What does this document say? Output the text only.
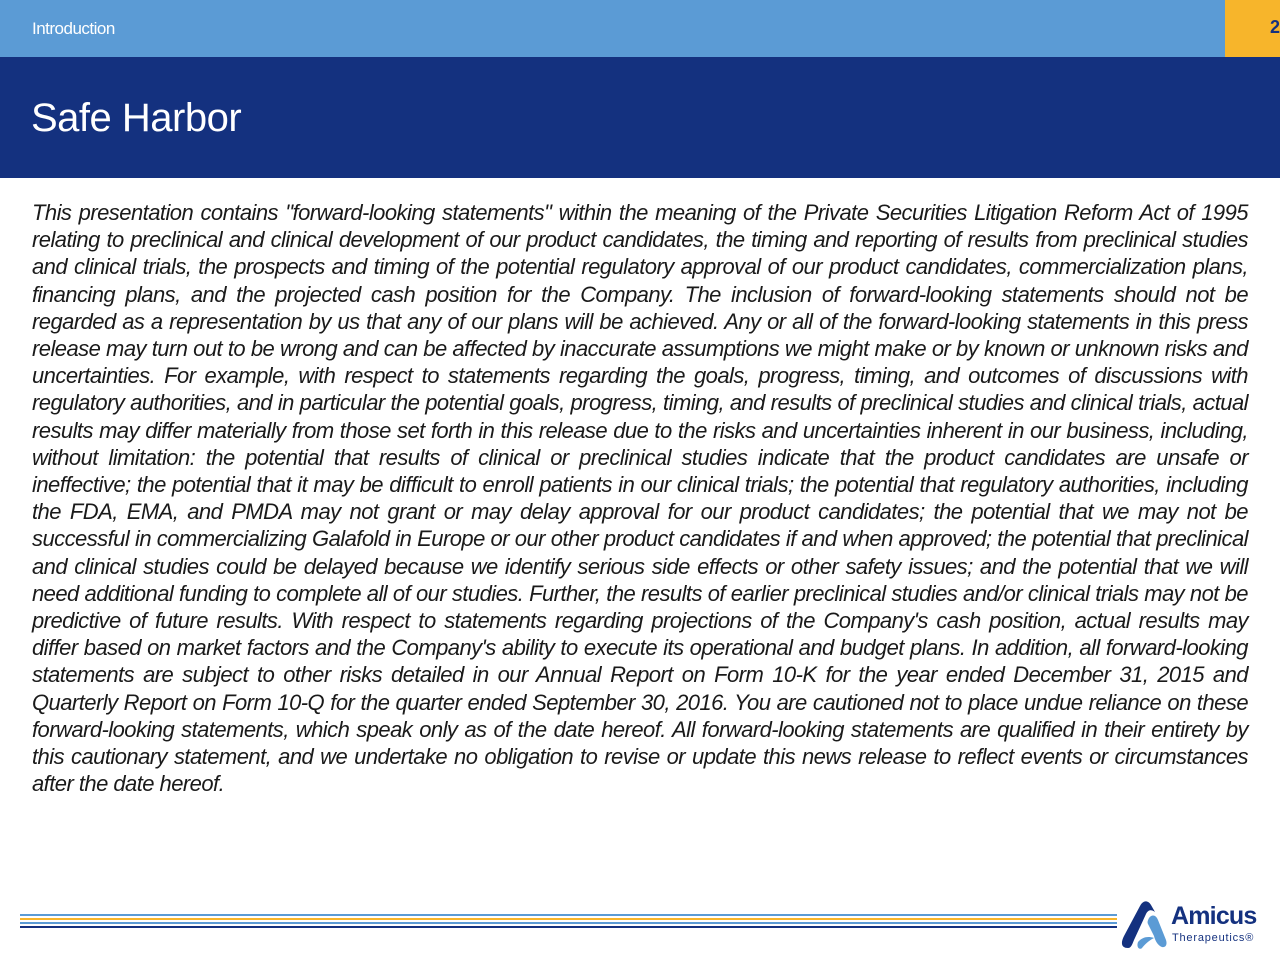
Introduction	2
Safe Harbor

This presentation contains "forward-looking statements" within the meaning of the Private Securities Litigation Reform Act of 1995 relating to preclinical and clinical development of our product candidates, the timing and reporting of results from preclinical studies and clinical trials, the prospects and timing of the potential regulatory approval of our product candidates, commercialization plans, financing plans, and the projected cash position for the Company. The inclusion of forward-looking statements should not be regarded as a representation by us that any of our plans will be achieved. Any or all of the forward-looking statements in this press release may turn out to be wrong and can be affected by inaccurate assumptions we might make or by known or unknown risks and uncertainties. For example, with respect to statements regarding the goals, progress, timing, and outcomes of discussions with regulatory authorities, and in particular the potential goals, progress, timing, and results of preclinical studies and clinical trials, actual results may differ materially from those set forth in this release due to the risks and uncertainties inherent in our business, including, without limitation: the potential that results of clinical or preclinical studies indicate that the product candidates are unsafe or ineffective; the potential that it may be difficult to enroll patients in our clinical trials; the potential that regulatory authorities, including the FDA, EMA, and PMDA may not grant or may delay approval for our product candidates; the potential that we may not be successful in commercializing Galafold in Europe or our other product candidates if and when approved; the potential that preclinical and clinical studies could be delayed because we identify serious side effects or other safety issues; and the potential that we will need additional funding to complete all of our studies. Further, the results of earlier preclinical studies and/or clinical trials may not be predictive of future results. With respect to statements regarding projections of the Company's cash position, actual results may differ based on market factors and the Company's ability to execute its operational and budget plans. In addition, all forward-looking statements are subject to other risks detailed in our Annual Report on Form 10-K for the year ended December 31, 2015 and Quarterly Report on Form 10-Q for the quarter ended September 30, 2016. You are cautioned not to place undue reliance on these forward-looking statements, which speak only as of the date hereof. All forward-looking statements are qualified in their entirety by this cautionary statement, and we undertake no obligation to revise or update this news release to reflect events or circumstances after the date hereof.

Amicus
Therapeutics®
